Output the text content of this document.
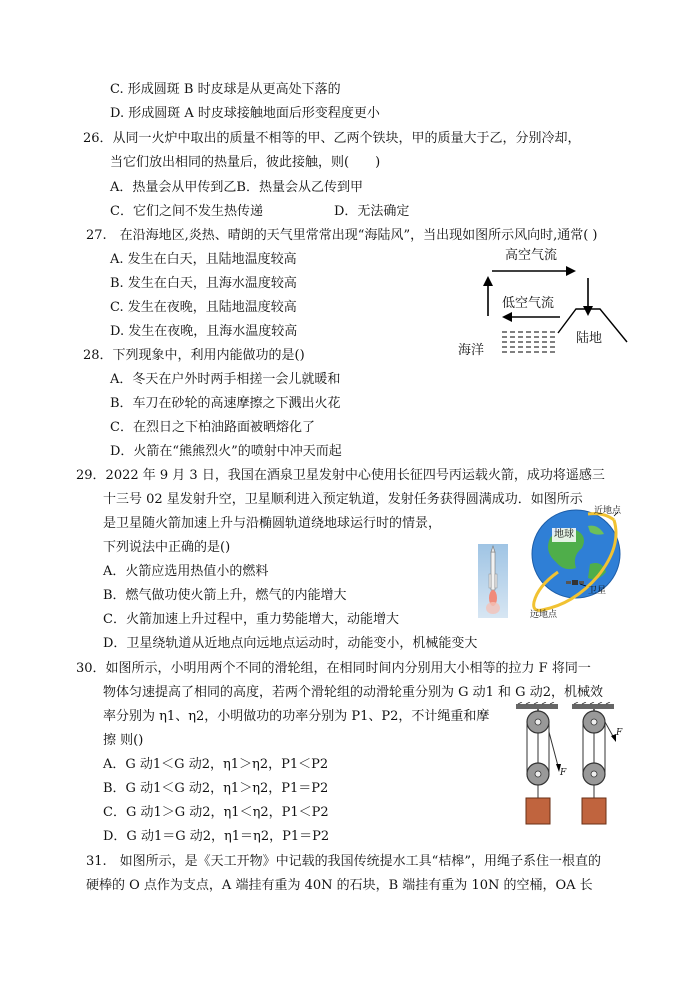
C. 形成圆斑 B 时皮球是从更高处下落的
D. 形成圆斑 A 时皮球接触地面后形变程度更小
26．从同一火炉中取出的质量不相等的甲、乙两个铁块，甲的质量大于乙，分别冷却，
当它们放出相同的热量后，彼此接触，则(　　)
A．热量会从甲传到乙B．热量会从乙传到甲
C．它们之间不发生热传递	D．无法确定
27.　在沿海地区,炎热、晴朗的天气里常常出现“海陆风”，当出现如图所示风向时,通常( )
A. 发生在白天，且陆地温度较高
B. 发生在白天，且海水温度较高
C. 发生在夜晚，且陆地温度较高
D. 发生在夜晚，且海水温度较高
高空气流
低空气流
海洋
陆地
28．下列现象中，利用内能做功的是()
A．冬天在户外时两手相搓一会儿就暖和
B．车刀在砂轮的高速摩擦之下溅出火花
C．在烈日之下柏油路面被晒熔化了
D．火箭在“熊熊烈火”的喷射中冲天而起
29．2022 年 9 月 3 日，我国在酒泉卫星发射中心使用长征四号丙运载火箭，成功将遥感三
十三号 02 星发射升空，卫星顺利进入预定轨道，发射任务获得圆满成功．如图所示
是卫星随火箭加速上升与沿椭圆轨道绕地球运行时的情景，
下列说法中正确的是()
A．火箭应选用热值小的燃料
B．燃气做功使火箭上升，燃气的内能增大
C．火箭加速上升过程中，重力势能增大，动能增大
D．卫星绕轨道从近地点向远地点运动时，动能变小，机械能变大
近地点
地球
卫星
远地点
30．如图所示，小明用两个不同的滑轮组，在相同时间内分别用大小相等的拉力 F 将同一
物体匀速提高了相同的高度，若两个滑轮组的动滑轮重分别为 G 动1 和 G 动2，机械效
率分别为 η1、η2，小明做功的功率分别为 P1、P2，不计绳重和摩
擦 则()
A．G 动1＜G 动2，η1＞η2，P1＜P2
B．G 动1＜G 动2，η1＞η2，P1＝P2
C．G 动1＞G 动2，η1＜η2，P1＜P2
D．G 动1＝G 动2，η1＝η2，P1＝P2
F
F
31.　如图所示，是《天工开物》中记载的我国传统提水工具“桔槔”，用绳子系住一根直的
硬棒的 O 点作为支点，A 端挂有重为 40N 的石块，B 端挂有重为 10N 的空桶，OA 长
